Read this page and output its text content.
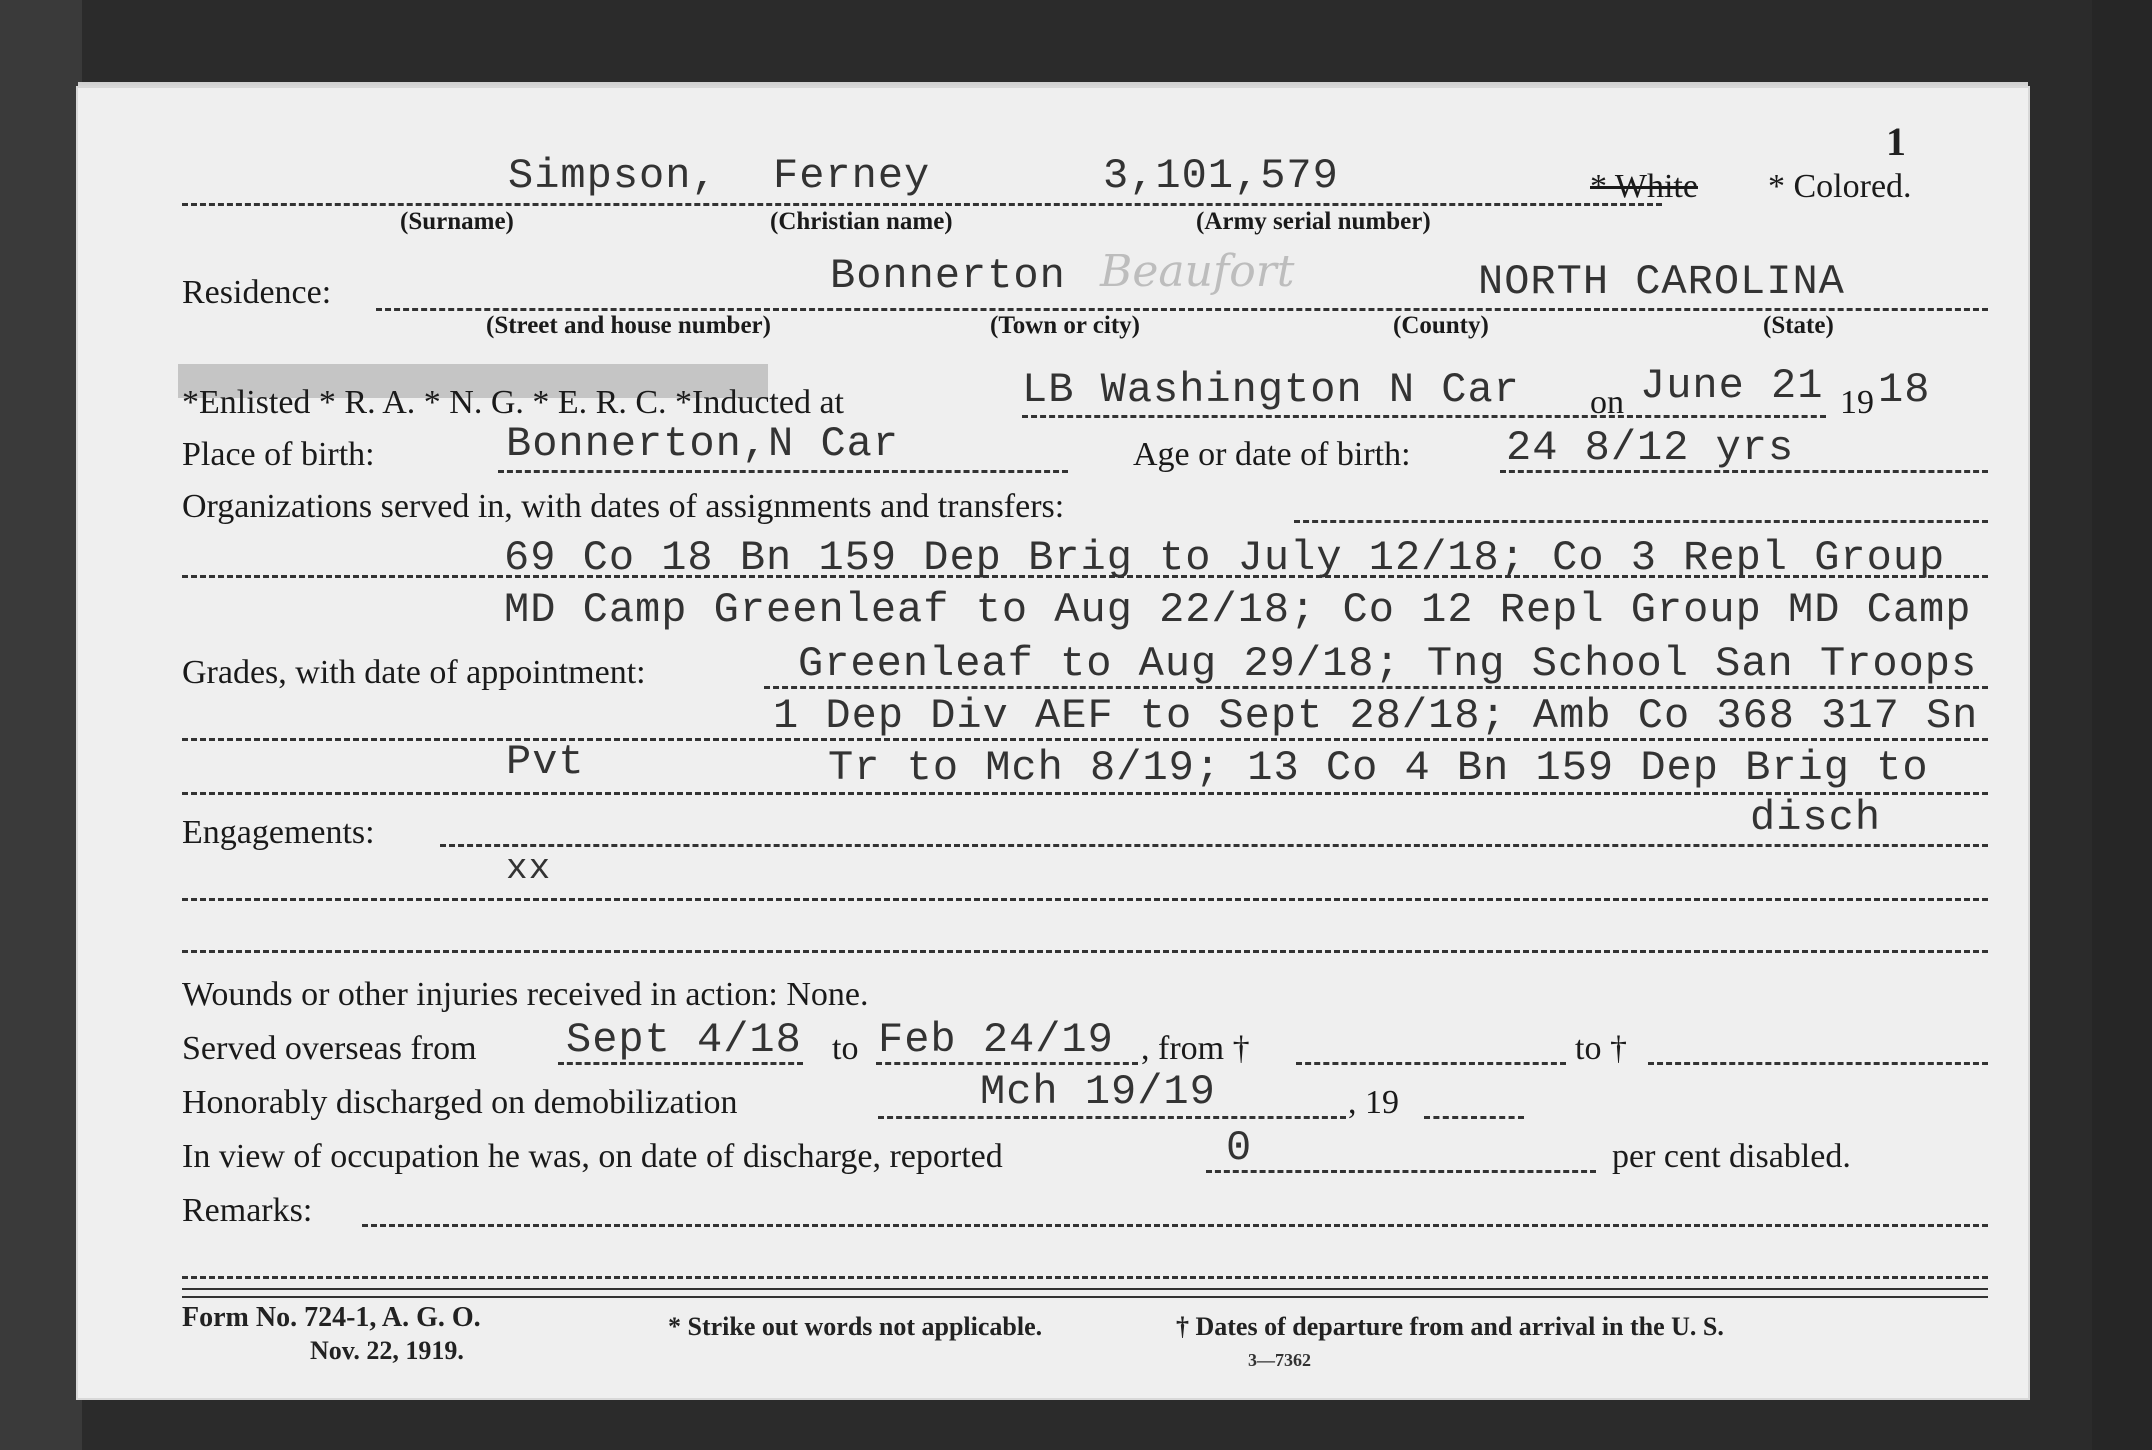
1
Simpson, Ferney	3,101,579	* White * Colored.
(Surname)	(Christian name)	(Army serial number)
Residence:	Bonnerton Beaufort	NORTH CAROLINA
(Street and house number)	(Town or city)	(County)	(State)
*Enlisted * R. A. * N. G. * E. R. C. *Inducted at	LB Washington N Car on June 21 19 18
Place of birth:	Bonnerton,N Car	Age or date of birth: 24 8/12 yrs
Organizations served in, with dates of assignments and transfers:
69 Co 18 Bn 159 Dep Brig to July 12/18; Co 3 Repl Group
MD Camp Greenleaf to Aug 22/18; Co 12 Repl Group MD Camp
Grades, with date of appointment:	Greenleaf to Aug 29/18; Tng School San Troops
1 Dep Div AEF to Sept 28/18; Amb Co 368 317 Sn
Pvt	Tr to Mch 8/19; 13 Co 4 Bn 159 Dep Brig to
Engagements:	disch
xx
Wounds or other injuries received in action: None.
Served overseas from Sept 4/18 to Feb 24/19 , from †	to †
Honorably discharged on demobilization	Mch 19/19	, 19
In view of occupation he was, on date of discharge, reported	0	per cent disabled.
Remarks:
Form No. 724-1, A. G. O.
Nov. 22, 1919.
* Strike out words not applicable.	† Dates of departure from and arrival in the U. S.
3—7362
